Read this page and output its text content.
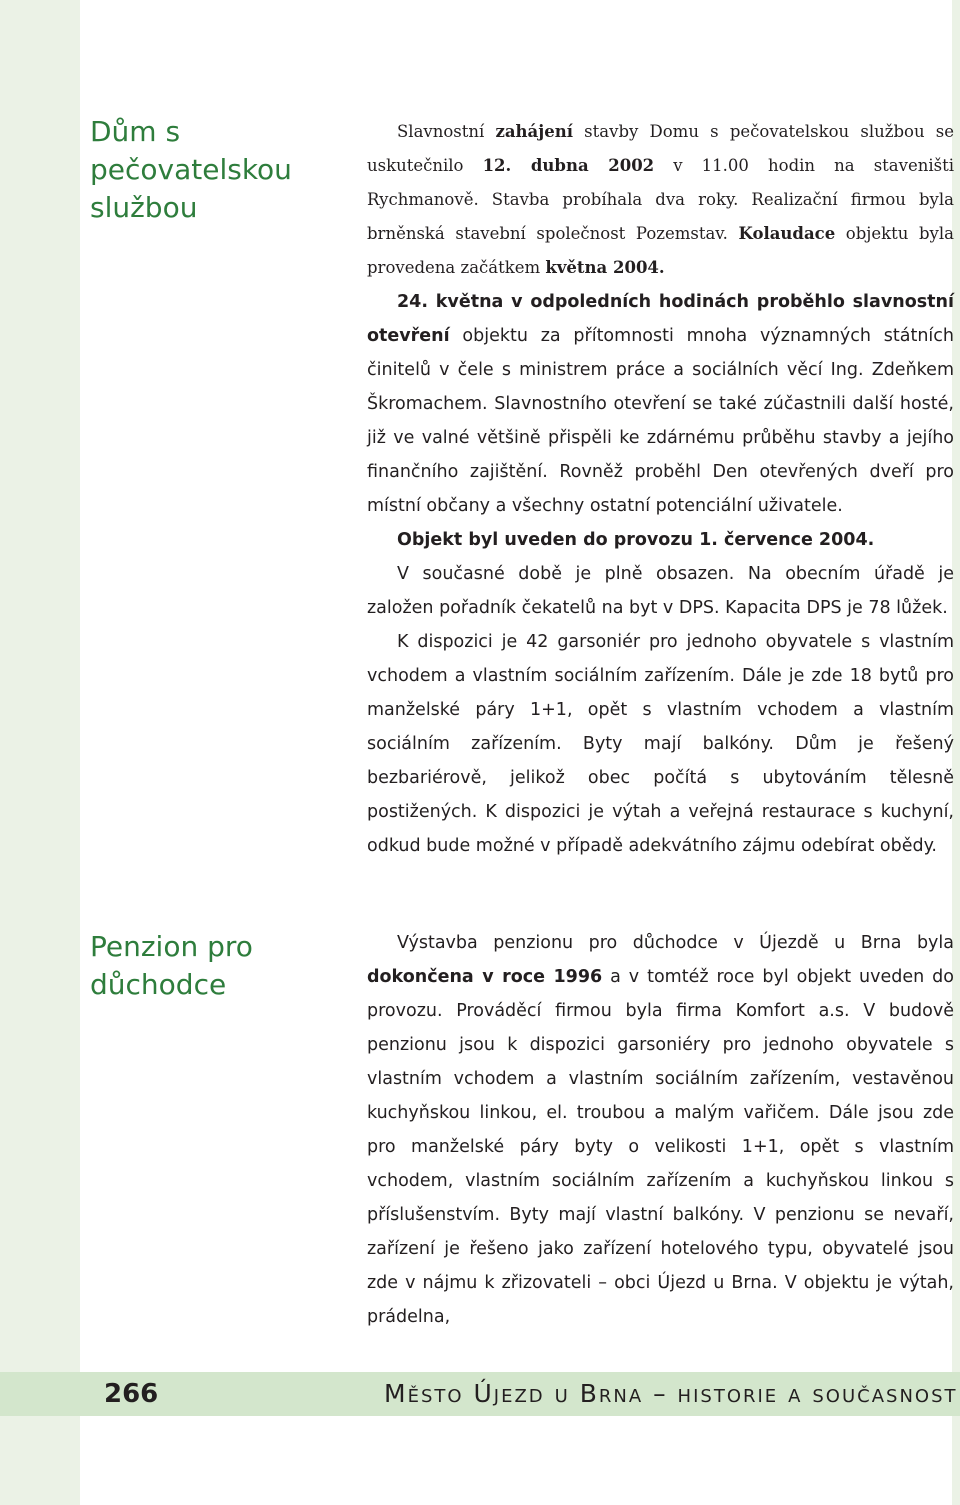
Dům s pečovatelskou službou

Slavnostní zahájení stavby Domu s pečovatelskou službou se uskutečnilo 12. dubna 2002 v 11.00 hodin na staveništi Rychmanově. Stavba probíhala dva roky. Realizační firmou byla brněnská stavební společnost Pozemstav. Kolaudace objektu byla provedena začátkem května 2004.

24. května v odpoledních hodinách proběhlo slavnostní otevření objektu za přítomnosti mnoha významných státních činitelů v čele s ministrem práce a sociálních věcí Ing. Zdeňkem Škromachem. Slavnostního otevření se také zúčastnili další hosté, již ve valné většině přispěli ke zdárnému průběhu stavby a jejího finančního zajištění. Rovněž proběhl Den otevřených dveří pro místní občany a všechny ostatní potenciální uživatele.

Objekt byl uveden do provozu 1. července 2004.

V současné době je plně obsazen. Na obecním úřadě je založen pořadník čekatelů na byt v DPS. Kapacita DPS je 78 lůžek.

K dispozici je 42 garsoniér pro jednoho obyvatele s vlastním vchodem a vlastním sociálním zařízením. Dále je zde 18 bytů pro manželské páry 1+1, opět s vlastním vchodem a vlastním sociálním zařízením. Byty mají balkóny. Dům je řešený bezbariérově, jelikož obec počítá s ubytováním tělesně postižených. K dispozici je výtah a veřejná restaurace s kuchyní, odkud bude možné v případě adekvátního zájmu odebírat obědy.

Penzion pro důchodce

Výstavba penzionu pro důchodce v Újezdě u Brna byla dokončena v roce 1996 a v tomtéž roce byl objekt uveden do provozu. Prováděcí firmou byla firma Komfort a.s. V budově penzionu jsou k dispozici garsoniéry pro jednoho obyvatele s vlastním vchodem a vlastním sociálním zařízením, vestavěnou kuchyňskou linkou, el. troubou a malým vařičem. Dále jsou zde pro manželské páry byty o velikosti 1+1, opět s vlastním vchodem, vlastním sociálním zařízením a kuchyňskou linkou s příslušenstvím. Byty mají vlastní balkóny. V penzionu se nevaří, zařízení je řešeno jako zařízení hotelového typu, obyvatelé jsou zde v nájmu k zřizovateli – obci Újezd u Brna. V objektu je výtah, prádelna,

266	Město Újezd u Brna – historie a současnost
